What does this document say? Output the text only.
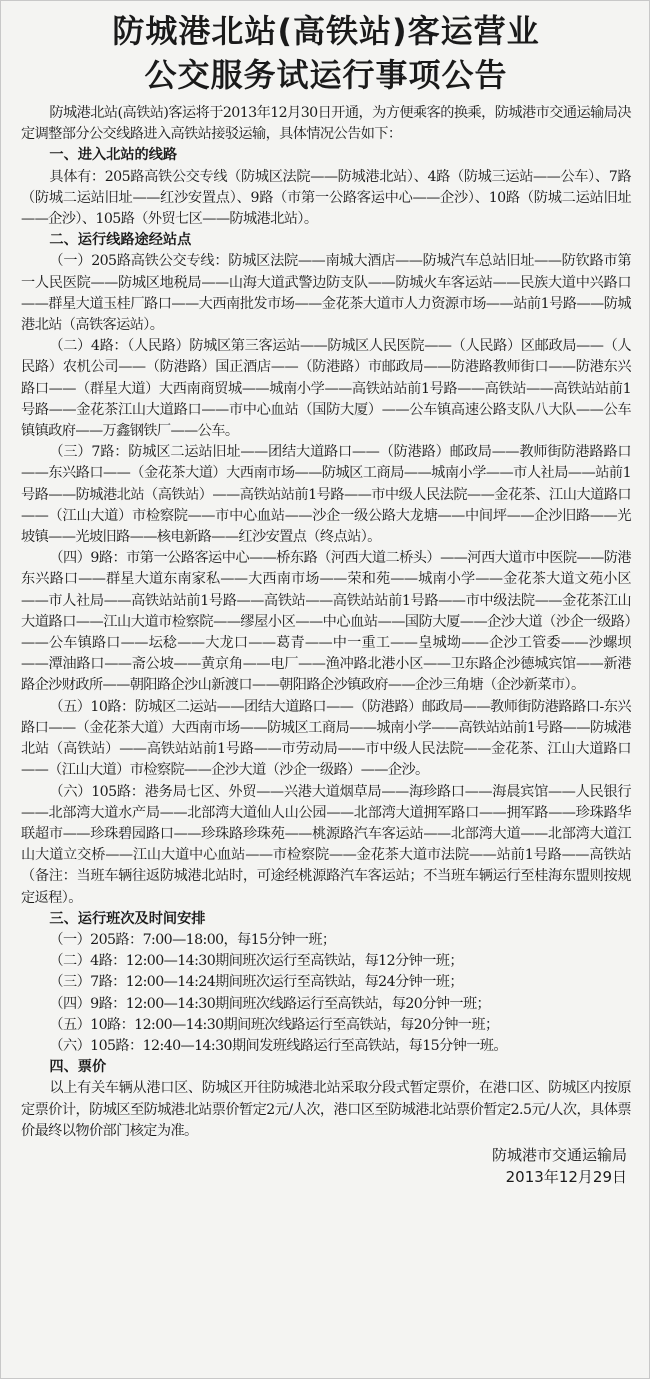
防城港北站(高铁站)客运营业
公交服务试运行事项公告

防城港北站(高铁站)客运将于2013年12月30日开通，为方便乘客的换乘，防城港市交通运输局决定调整部分公交线路进入高铁站接驳运输，具体情况公告如下：

一、进入北站的线路

具体有：205路高铁公交专线（防城区法院——防城港北站）、4路（防城三运站——公车）、7路（防城二运站旧址——红沙安置点）、9路（市第一公路客运中心——企沙）、10路（防城二运站旧址——企沙）、105路（外贸七区——防城港北站）。

二、运行线路途经站点

（一）205路高铁公交专线：防城区法院——南城大酒店——防城汽车总站旧址——防钦路市第一人民医院——防城区地税局——山海大道武警边防支队——防城火车客运站——民族大道中兴路口——群星大道玉桂厂路口——大西南批发市场——金花茶大道市人力资源市场——站前1号路——防城港北站（高铁客运站）。

（二）4路：（人民路）防城区第三客运站——防城区人民医院——（人民路）区邮政局——（人民路）农机公司——（防港路）国正酒店——（防港路）市邮政局——防港路教师街口——防港东兴路口——（群星大道）大西南商贸城——城南小学——高铁站站前1号路——高铁站——高铁站站前1号路——金花茶江山大道路口——市中心血站（国防大厦）——公车镇高速公路支队八大队——公车镇镇政府——万鑫钢铁厂——公车。

（三）7路：防城区二运站旧址——团结大道路口——（防港路）邮政局——教师街防港路路口——东兴路口——（金花茶大道）大西南市场——防城区工商局——城南小学——市人社局——站前1号路——防城港北站（高铁站）——高铁站站前1号路——市中级人民法院——金花茶、江山大道路口——（江山大道）市检察院——市中心血站——沙企一级公路大龙塘——中间坪——企沙旧路——光坡镇——光坡旧路——核电新路——红沙安置点（终点站）。

（四）9路：市第一公路客运中心——桥东路（河西大道二桥头）——河西大道市中医院——防港东兴路口——群星大道东南家私——大西南市场——荣和苑——城南小学——金花茶大道文苑小区——市人社局——高铁站站前1号路——高铁站——高铁站站前1号路——市中级法院——金花茶江山大道路口——江山大道市检察院——缪屋小区——中心血站——国防大厦——企沙大道（沙企一级路）——公车镇路口——坛稔——大龙口——葛青——中一重工——皇城坳——企沙工管委——沙螺坝——潭油路口——斋公坡——黄京角——电厂——渔冲路北港小区——卫东路企沙德城宾馆——新港路企沙财政所——朝阳路企沙山新渡口——朝阳路企沙镇政府——企沙三角塘（企沙新菜市）。

（五）10路：防城区二运站——团结大道路口——（防港路）邮政局——教师街防港路路口-东兴路口——（金花茶大道）大西南市场——防城区工商局——城南小学——高铁站站前1号路——防城港北站（高铁站）——高铁站站前1号路——市劳动局——市中级人民法院——金花茶、江山大道路口——（江山大道）市检察院——企沙大道（沙企一级路）——企沙。

（六）105路：港务局七区、外贸——兴港大道烟草局——海珍路口——海晨宾馆——人民银行——北部湾大道水产局——北部湾大道仙人山公园——北部湾大道拥军路口——拥军路——珍珠路华联超市——珍珠碧园路口——珍珠路珍珠苑——桃源路汽车客运站——北部湾大道——北部湾大道江山大道立交桥——江山大道中心血站——市检察院——金花茶大道市法院——站前1号路——高铁站（备注：当班车辆往返防城港北站时，可途经桃源路汽车客运站；不当班车辆运行至桂海东盟则按规定返程）。

三、运行班次及时间安排

（一）205路：7:00—18:00，每15分钟一班；

（二）4路：12:00—14:30期间班次运行至高铁站，每12分钟一班；

（三）7路：12:00—14:24期间班次运行至高铁站，每24分钟一班；

（四）9路：12:00—14:30期间班次线路运行至高铁站，每20分钟一班；

（五）10路：12:00—14:30期间班次线路运行至高铁站，每20分钟一班；

（六）105路：12:40—14:30期间发班线路运行至高铁站，每15分钟一班。

四、票价

以上有关车辆从港口区、防城区开往防城港北站采取分段式暂定票价，在港口区、防城区内按原定票价计，防城区至防城港北站票价暂定2元/人次，港口区至防城港北站票价暂定2.5元/人次，具体票价最终以物价部门核定为准。

防城港市交通运输局
2013年12月29日
